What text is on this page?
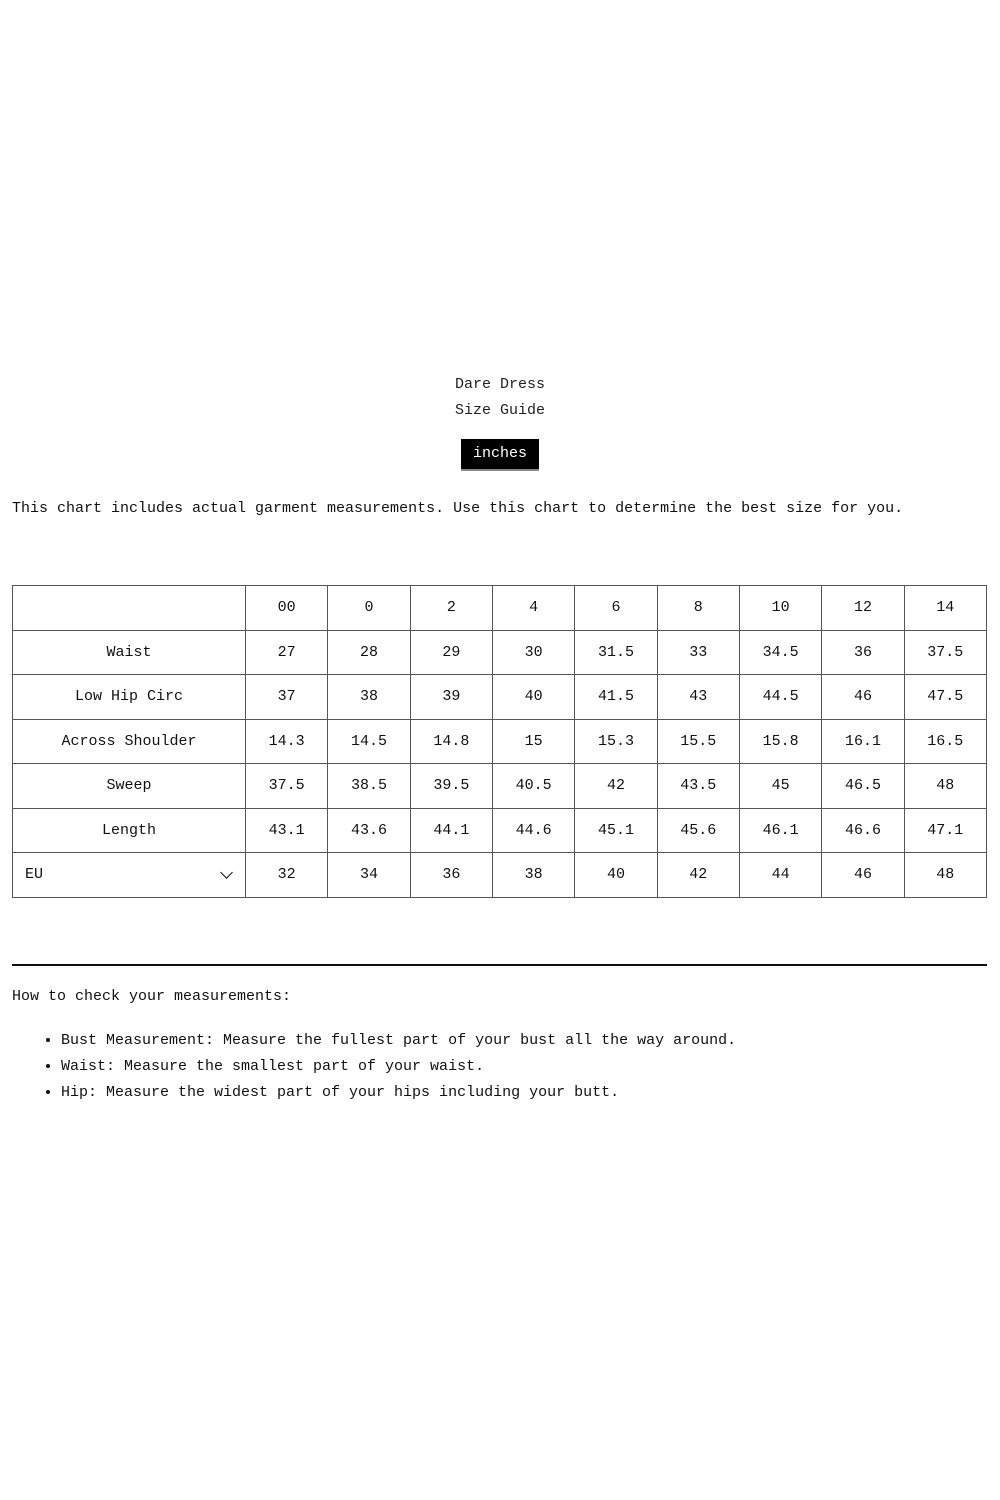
Dare Dress
Size Guide
inches

This chart includes actual garment measurements. Use this chart to determine the best size for you.

	00	0	2	4	6	8	10	12	14
Waist	27	28	29	30	31.5	33	34.5	36	37.5
Low Hip Circ	37	38	39	40	41.5	43	44.5	46	47.5
Across Shoulder	14.3	14.5	14.8	15	15.3	15.5	15.8	16.1	16.5
Sweep	37.5	38.5	39.5	40.5	42	43.5	45	46.5	48
Length	43.1	43.6	44.1	44.6	45.1	45.6	46.1	46.6	47.1

EU	32	34	36	38	40	42	44	46	48

How to check your measurements:

• Bust Measurement: Measure the fullest part of your bust all the way around.
• Waist: Measure the smallest part of your waist.
• Hip: Measure the widest part of your hips including your butt.
